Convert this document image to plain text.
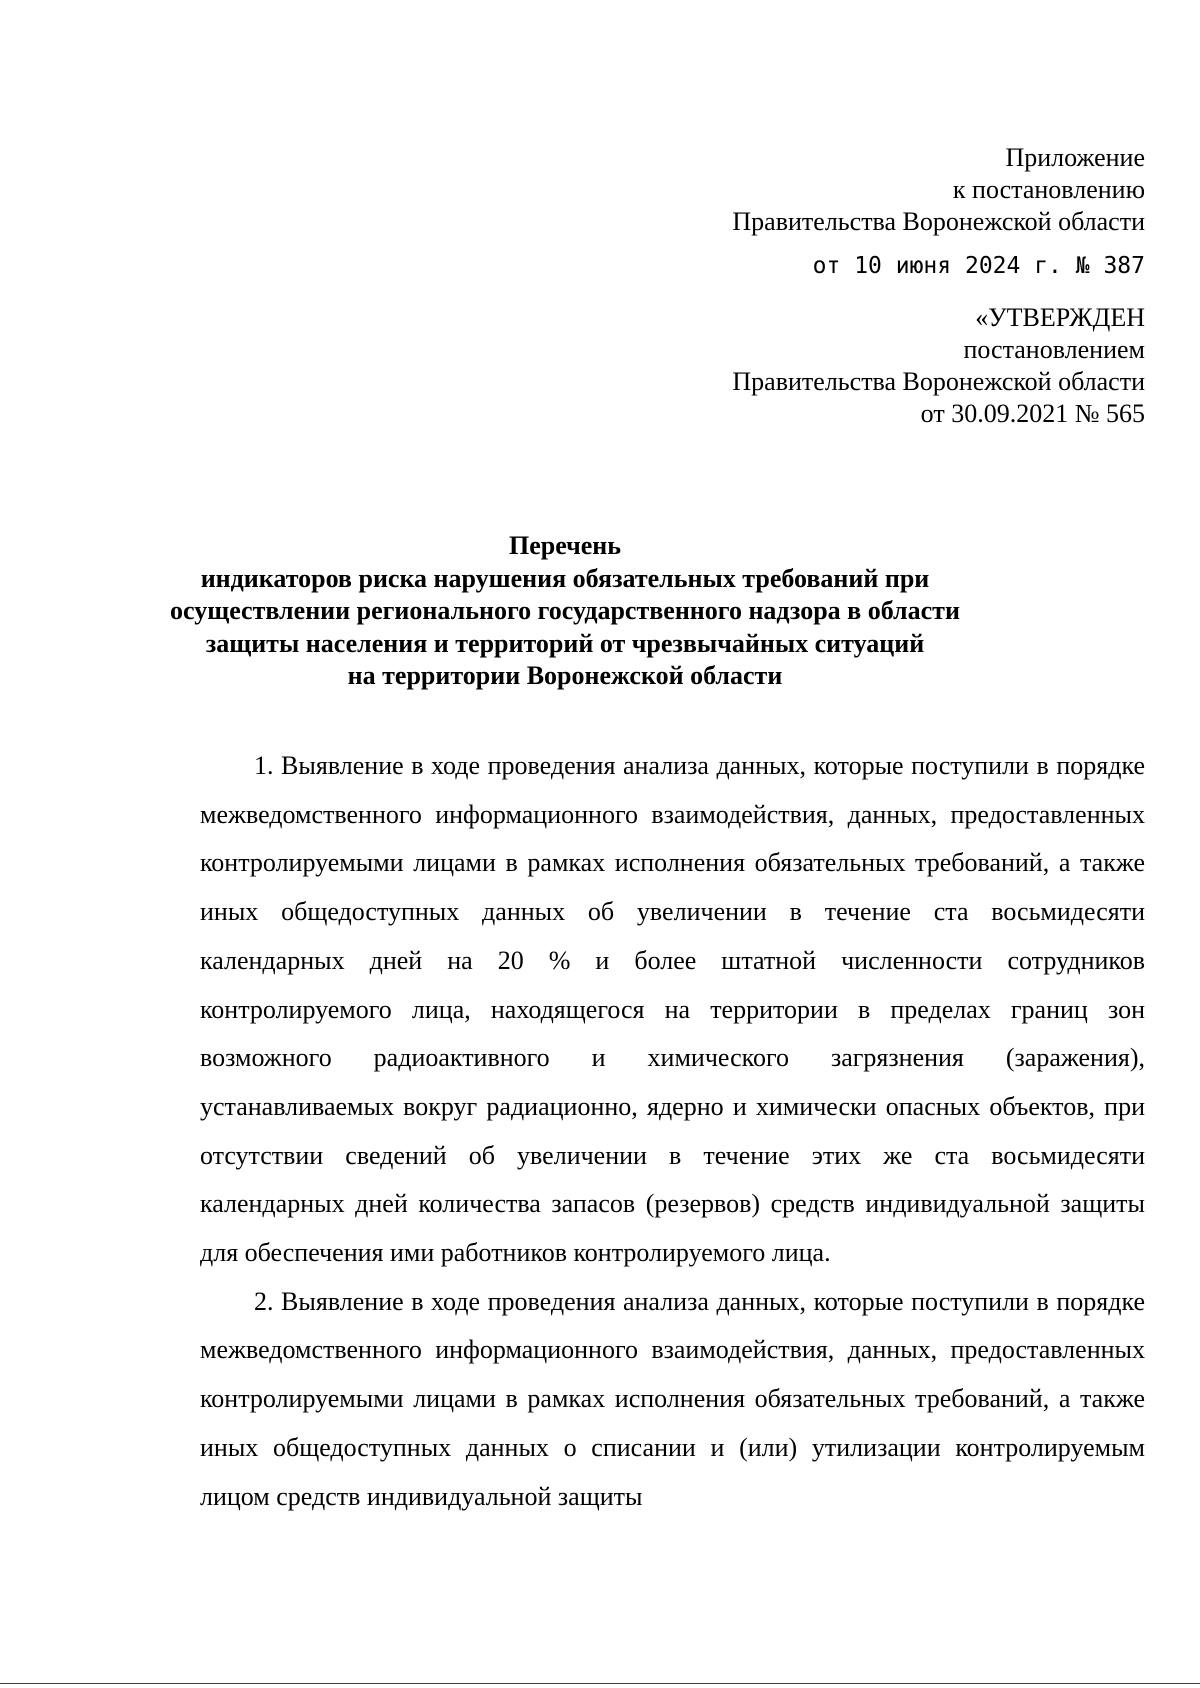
Приложение
к постановлению
Правительства Воронежской области
от 10 июня 2024 г. № 387
«УТВЕРЖДЕН
постановлением
Правительства Воронежской области
от 30.09.2021 № 565
Перечень
индикаторов риска нарушения обязательных требований при
осуществлении регионального государственного надзора в области
защиты населения и территорий от чрезвычайных ситуаций
на территории Воронежской области

1. Выявление в ходе проведения анализа данных, которые поступили в порядке межведомственного информационного взаимодействия, данных, предоставленных контролируемыми лицами в рамках исполнения обязательных требований, а также иных общедоступных данных об увеличении в течение ста восьмидесяти календарных дней на 20 % и более штатной численности сотрудников контролируемого лица, находящегося на территории в пределах границ зон возможного радиоактивного и химического загрязнения (заражения), устанавливаемых вокруг радиационно, ядерно и химически опасных объектов, при отсутствии сведений об увеличении в течение этих же ста восьмидесяти календарных дней количества запасов (резервов) средств индивидуальной защиты для обеспечения ими работников контролируемого лица.

2. Выявление в ходе проведения анализа данных, которые поступили в порядке межведомственного информационного взаимодействия, данных, предоставленных контролируемыми лицами в рамках исполнения обязательных требований, а также иных общедоступных данных о списании и (или) утилизации контролируемым лицом средств индивидуальной защиты
